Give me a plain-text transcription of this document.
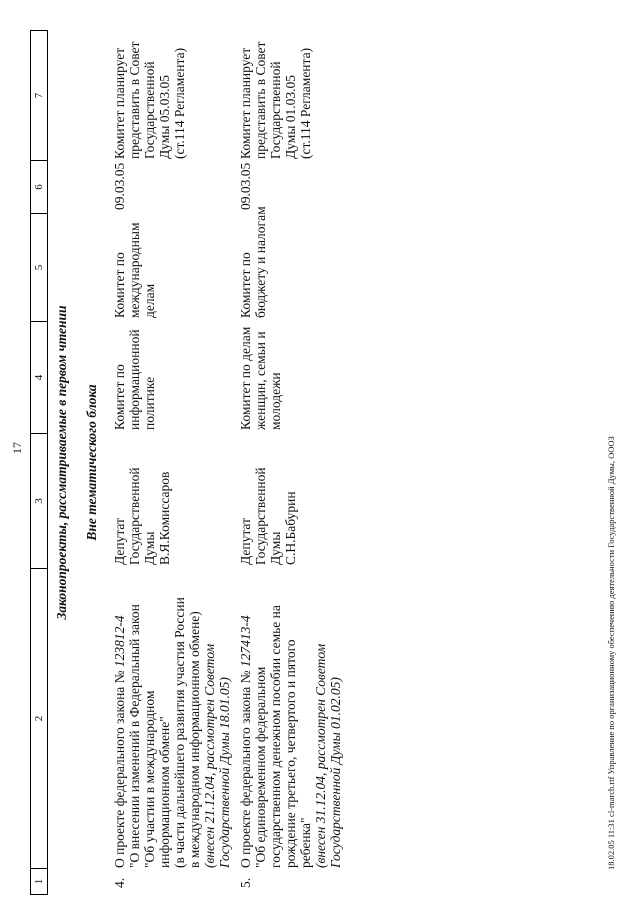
17
1
2
3
4
5
6
7
Законопроекты, рассматриваемые в первом чтении Вне тематического блока
4.
О проекте федерального закона № 123812-4 "О внесении изменений в Федеральный закон "Об участии в международном информационном обмене" (в части дальнейшего развития участия России в международном информационном обмене) (внесен 21.12.04, рассмотрен Советом Государственной Думы 18.01.05)
Депутат Государственной Думы В.Я.Комиссаров
Комитет по информационной политике
Комитет по международным делам
09.03.05
Комитет планирует представить в Совет Государственной Думы 05.03.05 (ст.114 Регламента)
5.
О проекте федерального закона № 127413-4
"Об единовременном федеральном государственном денежном пособии семье на рождение третьего, четвертого и пятого ребенка" (внесен 31.12.04, рассмотрен Советом Государственной Думы 01.02.05)
Депутат Государственной Думы С.Н.Бабурин
Комитет по делам женщин, семьи и молодежи
Комитет по бюджету и налогам
09.03.05
Комитет планирует представить в Совет Государственной Думы 01.03.05 (ст.114 Регламента)
18.02.05 11:31 cl-march.rtf Управление по организационному обеспечению деятельности Государственной Думы, ОООЗ
